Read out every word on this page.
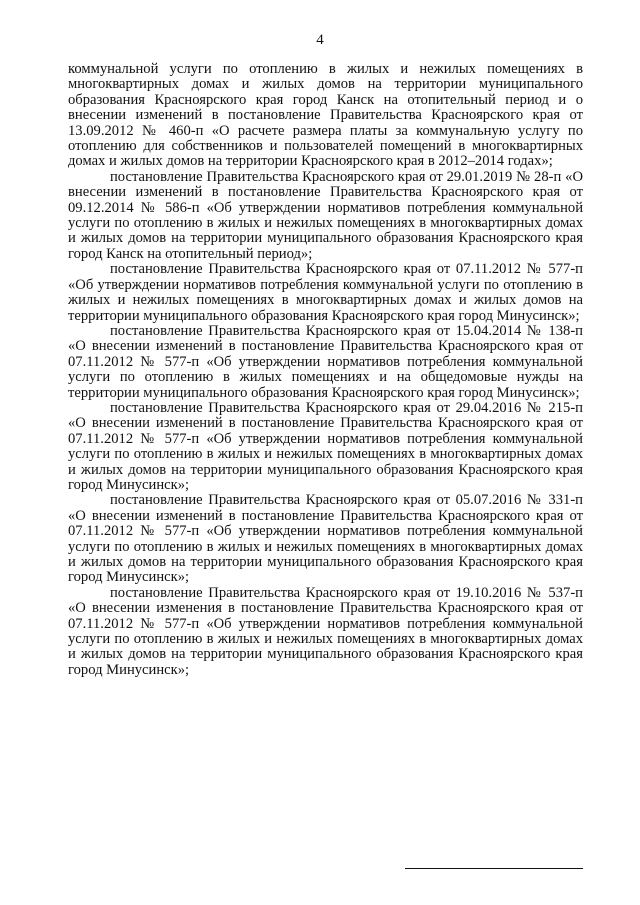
4

коммунальной услуги по отоплению в жилых и нежилых помещениях в многоквартирных домах и жилых домов на территории муниципального образования Красноярского края город Канск на отопительный период и о внесении изменений в постановление Правительства Красноярского края от 13.09.2012 № 460-п «О расчете размера платы за коммунальную услугу по отоплению для собственников и пользователей помещений в многоквартирных домах и жилых домов на территории Красноярского края в 2012–2014 годах»;

постановление Правительства Красноярского края от 29.01.2019 № 28-п «О внесении изменений в постановление Правительства Красноярского края от 09.12.2014 № 586-п «Об утверждении нормативов потребления коммунальной услуги по отоплению в жилых и нежилых помещениях в многоквартирных домах и жилых домов на территории муниципального образования Красноярского края город Канск на отопительный период»;

постановление Правительства Красноярского края от 07.11.2012 № 577-п «Об утверждении нормативов потребления коммунальной услуги по отоплению в жилых и нежилых помещениях в многоквартирных домах и жилых домов на территории муниципального образования Красноярского края город Минусинск»;

постановление Правительства Красноярского края от 15.04.2014 № 138-п «О внесении изменений в постановление Правительства Красноярского края от 07.11.2012 № 577-п «Об утверждении нормативов потребления коммунальной услуги по отоплению в жилых помещениях и на общедомовые нужды на территории муниципального образования Красноярского края город Минусинск»;

постановление Правительства Красноярского края от 29.04.2016 № 215-п «О внесении изменений в постановление Правительства Красноярского края от 07.11.2012 № 577-п «Об утверждении нормативов потребления коммунальной услуги по отоплению в жилых и нежилых помещениях в многоквартирных домах и жилых домов на территории муниципального образования Красноярского края город Минусинск»;

постановление Правительства Красноярского края от 05.07.2016 № 331-п «О внесении изменений в постановление Правительства Красноярского края от 07.11.2012 № 577-п «Об утверждении нормативов потребления коммунальной услуги по отоплению в жилых и нежилых помещениях в многоквартирных домах и жилых домов на территории муниципального образования Красноярского края город Минусинск»;

постановление Правительства Красноярского края от 19.10.2016 № 537-п «О внесении изменения в постановление Правительства Красноярского края от 07.11.2012 № 577-п «Об утверждении нормативов потребления коммунальной услуги по отоплению в жилых и нежилых помещениях в многоквартирных домах и жилых домов на территории муниципального образования Красноярского края город Минусинск»;
